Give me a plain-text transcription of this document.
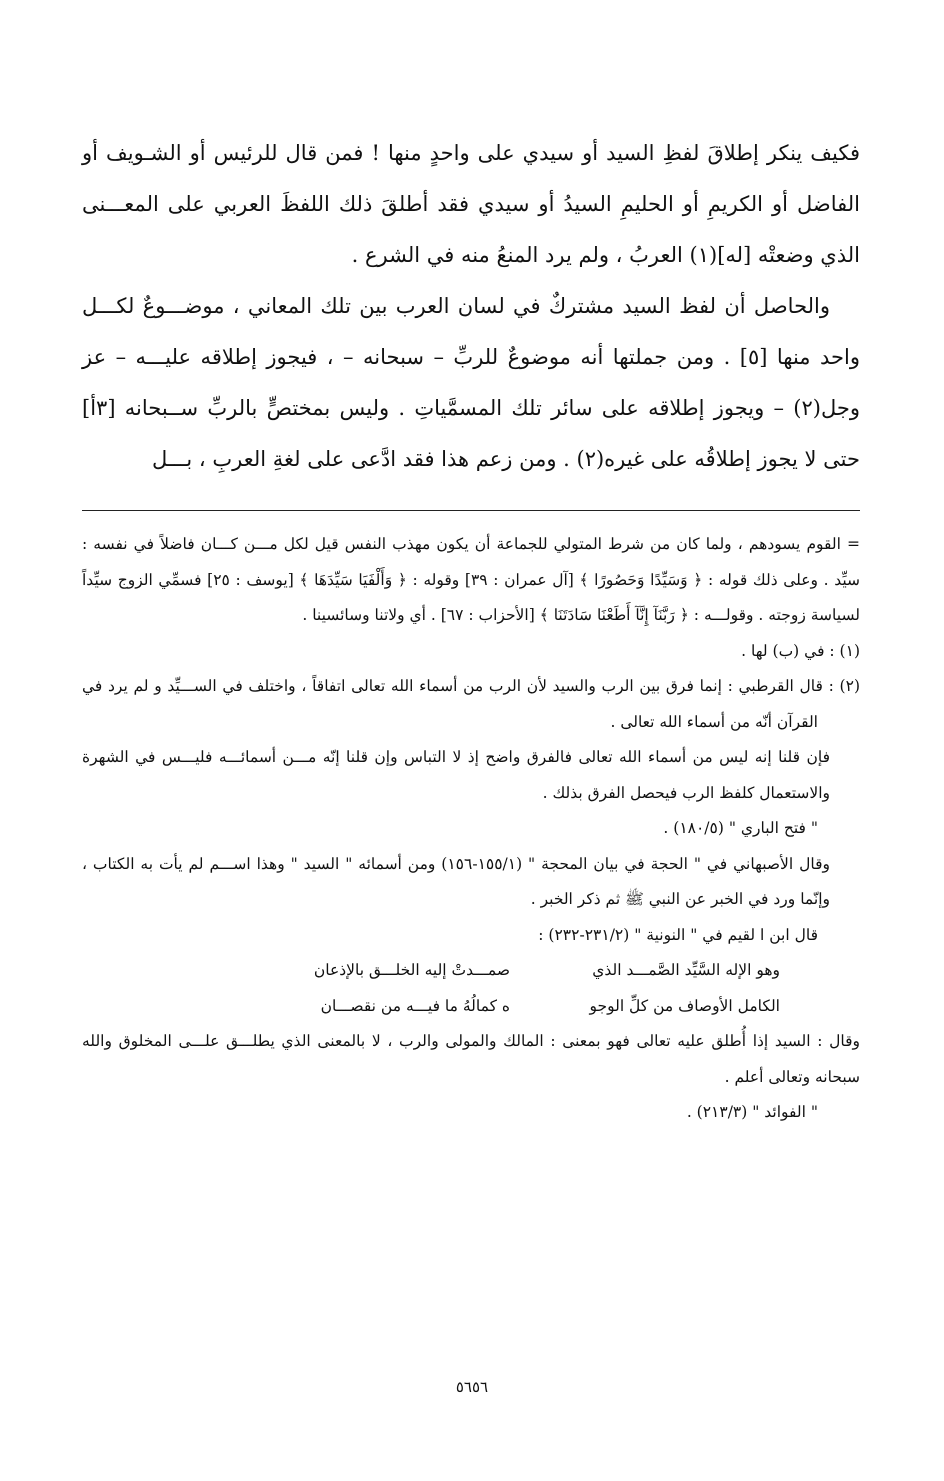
فكيف ينكر إطلاقَ لفظِ السيد أو سيدي على واحدٍ منها ! فمن قال للرئيس أو الشـويف أو الفاضل أو الكريمِ أو الحليمِ السيدُ أو سيدي فقد أطلقَ ذلك اللفظَ العربي على المعـــنى الذي وضعتْه [له](١) العربُ ، ولم يرد المنعُ منه في الشرع .

والحاصل أن لفظ السيد مشتركٌ في لسان العرب بين تلك المعاني ، موضـــوعٌ لكـــل واحد منها [٥] . ومن جملتها أنه موضوعٌ للربِّ – سبحانه – ، فيجوز إطلاقه عليـــه – عز وجل(٢) – ويجوز إطلاقه على سائر تلك المسمَّياتِ . وليس بمختصٍّ بالربِّ ســبحانه [٣أ] حتى لا يجوز إطلاقُه على غيره(٢) . ومن زعم هذا فقد ادَّعى على لغةِ العربِ ، بـــل

= القوم يسودهم ، ولما كان من شرط المتولي للجماعة أن يكون مهذب النفس قيل لكل مـــن كـــان فاضلاً في نفسه : سيِّد . وعلى ذلك قوله : ﴿ وَسَيِّدًا وَحَصُورًا ﴾ [آل عمران : ٣٩] وقوله : ﴿ وَأَلْفَيَا سَيِّدَهَا ﴾ [يوسف : ٢٥] فسمِّي الزوج سيِّداً لسياسة زوجته . وقولـــه : ﴿ رَبَّنَآ إِنَّآ أَطَعْنَا سَادَتَنَا ﴾ [الأحزاب : ٦٧] . أي ولاتنا وسائسينا .

(١) : في (ب) لها .

(٢) : قال القرطبي : إنما فرق بين الرب والسيد لأن الرب من أسماء الله تعالى اتفاقاً ، واختلف في الســـيِّد و لم يرد في القرآن أنّه من أسماء الله تعالى .

فإن قلنا إنه ليس من أسماء الله تعالى فالفرق واضح إذ لا التباس وإن قلنا إنّه مـــن أسمائـــه فليـــس في الشهرة والاستعمال كلفظ الرب فيحصل الفرق بذلك .

" فتح الباري " (١٨٠/٥) .

وقال الأصبهاني في " الحجة في بيان المحجة " (١٥٥/١-١٥٦) ومن أسمائه " السيد " وهذا اســـم لم يأت به الكتاب ، وإنّما ورد في الخبر عن النبي ﷺ ثم ذكر الخبر .

قال ابن ا لقيم في " النونية " (٢٣١/٢-٢٣٢) :

وهو الإله السَّيِّد الصَّمـــد الذي
صمـــدتْ إليه الخلـــق بالإذعان
الكامل الأوصاف من كلِّ الوجو
ه كمالُهُ ما فيـــه من نقصـــان

وقال : السيد إذا أُطلق عليه تعالى فهو بمعنى : المالك والمولى والرب ، لا بالمعنى الذي يطلـــق علـــى المخلوق والله سبحانه وتعالى أعلم .

" الفوائد " (٢١٣/٣) .

٥٦٥٦
